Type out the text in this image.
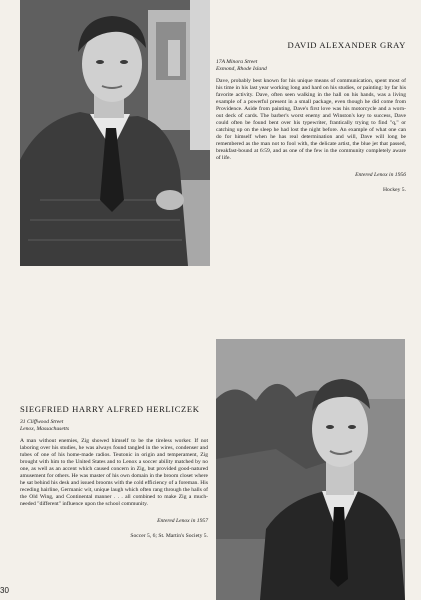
DAVID ALEXANDER GRAY
17A Minora Street
Exmond, Rhode Island

Dave, probably best known for his unique means of communication, spent most of his time in his last year working long and hard on his studies, or painting: by far his favorite activity. Dave, often seen walking in the hall on his hands, was a living example of a powerful present in a small package, even though he did come from Providence. Aside from painting, Dave's first love was his motorcycle and a worn-out deck of cards. The barber's worst enemy and Winston's key to success, Dave could often be found bent over his typewriter, frantically trying to find "q," or catching up on the sleep he had lost the night before. An example of what one can do for himself when he has real determination and will, Dave will long be remembered as the man not to fool with, the delicate artist, the blue jet that passed, breakfast-bound at 6:59, and as one of the few in the community completely aware of life.

Entered Lenox in 1956
Hockey 5.
SIEGFRIED HARRY ALFRED HERLICZEK
31 Cliffwood Street
Lenox, Massachusetts

A man without enemies, Zig showed himself to be the tireless worker. If not laboring over his studies, he was always found tangled in the wires, condenser and tubes of one of his home-made radios. Teutonic in origin and temperament, Zig brought with him to the United States and to Lenox a soccer ability matched by no one, as well as an accent which caused concern in Zig, but provided good-natured amusement for others. He was master of his own domain in the broom closet where he sat behind his desk and issued brooms with the cold efficiency of a foreman. His receding hairline, Germanic wit, unique laugh which often rang through the halls of the Old Wing, and Continental manner . . . all combined to make Zig a much-needed "different" influence upon the school community.

Entered Lenox in 1957
Soccer 5, 6; St. Martin's Society 5.
30
